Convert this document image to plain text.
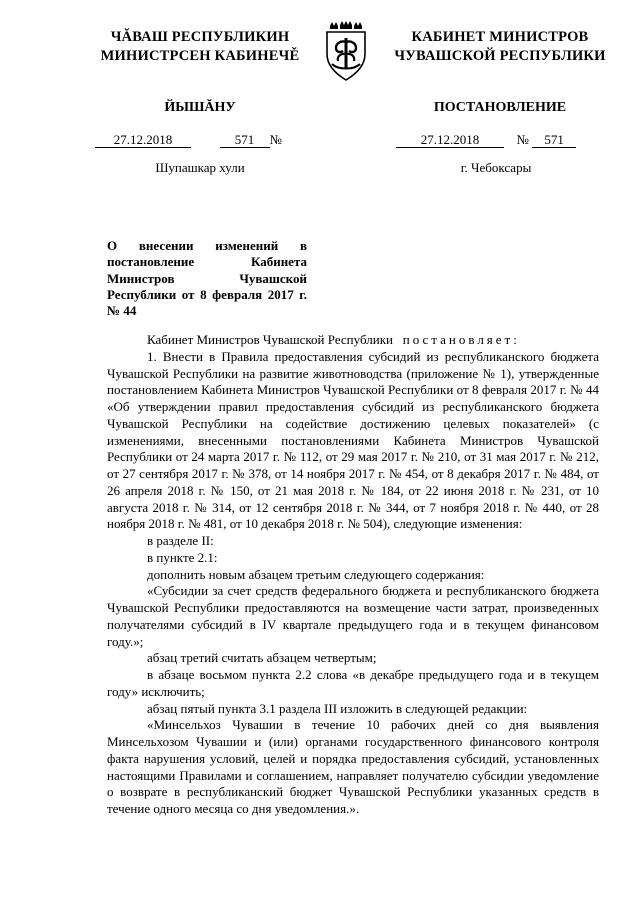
ЧĂВАШ РЕСПУБЛИКИН
МИНИСТРСЕН КАБИНЕЧĚ
КАБИНЕТ МИНИСТРОВ
ЧУВАШСКОЙ РЕСПУБЛИКИ
ЙЫШĂНУ	ПОСТАНОВЛЕНИЕ
27.12.2018	571 №	27.12.2018	№ 571
Шупашкар хули	г. Чебоксары
О внесении изменений в постановление Кабинета Министров Чувашской Республики от 8 февраля 2017 г. № 44

Кабинет Министров Чувашской Республики постановляет:

1. Внести в Правила предоставления субсидий из республиканского бюджета Чувашской Республики на развитие животноводства (приложение № 1), утвержденные постановлением Кабинета Министров Чувашской Республики от 8 февраля 2017 г. № 44 «Об утверждении правил предоставления субсидий из республиканского бюджета Чувашской Республики на содействие достижению целевых показателей» (с изменениями, внесенными постановлениями Кабинета Министров Чувашской Республики от 24 марта 2017 г. № 112, от 29 мая 2017 г. № 210, от 31 мая 2017 г. № 212, от 27 сентября 2017 г. № 378, от 14 ноября 2017 г. № 454, от 8 декабря 2017 г. № 484, от 26 апреля 2018 г. № 150, от 21 мая 2018 г. № 184, от 22 июня 2018 г. № 231, от 10 августа 2018 г. № 314, от 12 сентября 2018 г. № 344, от 7 ноября 2018 г. № 440, от 28 ноября 2018 г. № 481, от 10 декабря 2018 г. № 504), следующие изменения:

в разделе II:

в пункте 2.1:

дополнить новым абзацем третьим следующего содержания:

«Субсидии за счет средств федерального бюджета и республиканского бюджета Чувашской Республики предоставляются на возмещение части затрат, произведенных получателями субсидий в IV квартале предыдущего года и в текущем финансовом году.»;

абзац третий считать абзацем четвертым;

в абзаце восьмом пункта 2.2 слова «в декабре предыдущего года и в текущем году» исключить;

абзац пятый пункта 3.1 раздела III изложить в следующей редакции:

«Минсельхоз Чувашии в течение 10 рабочих дней со дня выявления Минсельхозом Чувашии и (или) органами государственного финансового контроля факта нарушения условий, целей и порядка предоставления субсидий, установленных настоящими Правилами и соглашением, направляет получателю субсидии уведомление о возврате в республиканский бюджет Чувашской Республики указанных средств в течение одного месяца со дня уведомления.».
